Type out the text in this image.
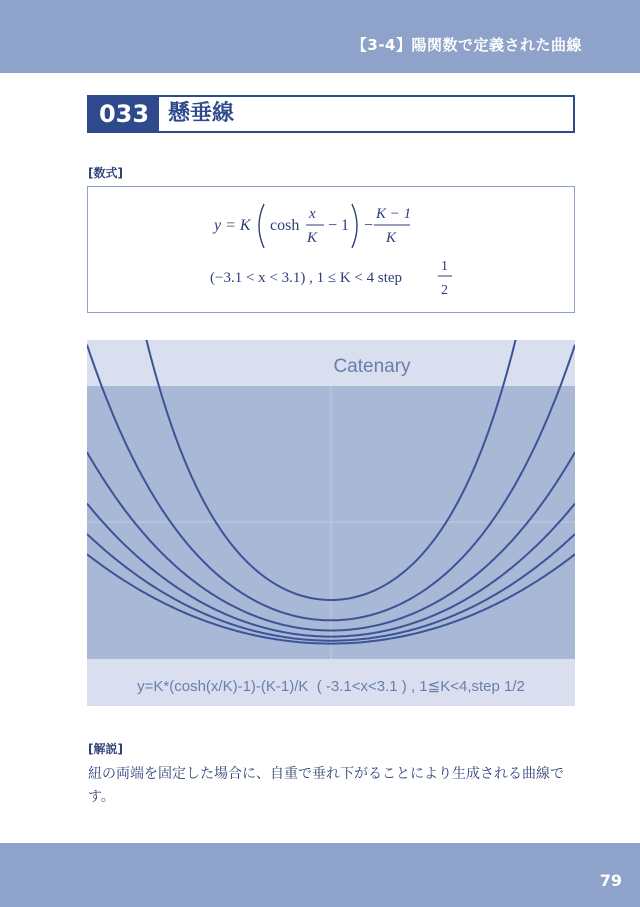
【3-4】陽関数で定義された曲線
033 懸垂線
[数式]
y = K cosh
x
K
− 1 −
K − 1
K
(−3.1 < x < 3.1) , 1 ≤ K < 4 step
1
2
Catenary
y=K*(cosh(x/K)-1)-(K-1)/K  ( -3.1<x<3.1 ) , 1≦K<4,step 1/2
[解説]
紐の両端を固定した場合に、自重で垂れ下がることにより生成される曲線です。
79
